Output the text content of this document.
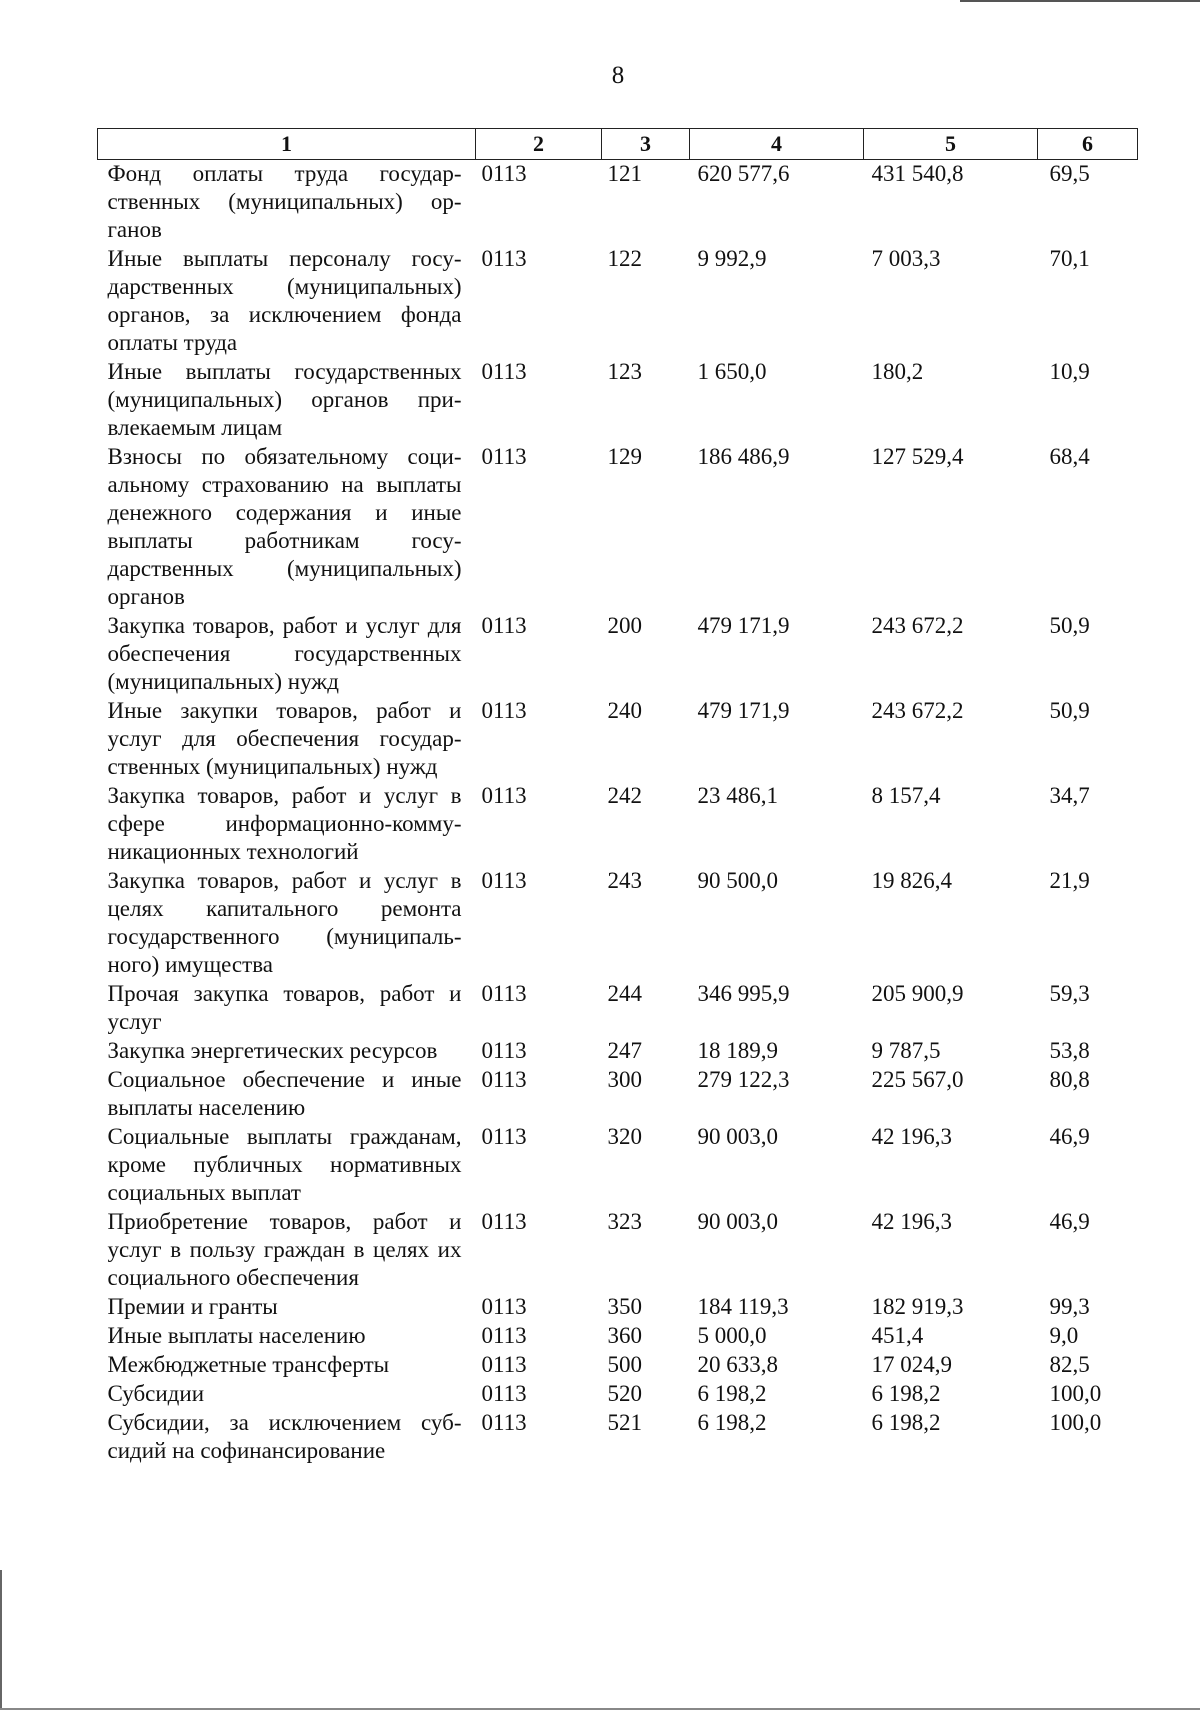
8
1	2	3	4	5	6
Фонд оплаты труда государственных (муниципальных) органов	0113	121	620 577,6	431 540,8	69,5
Иные выплаты персоналу государственных (муниципальных) органов, за исключением фонда оплаты труда	0113	122	9 992,9	7 003,3	70,1
Иные выплаты государственных (муниципальных) органов привлекаемым лицам	0113	123	1 650,0	180,2	10,9
Взносы по обязательному социальному страхованию на выплаты денежного содержания и иные выплаты работникам государственных (муниципальных) органов	0113	129	186 486,9	127 529,4	68,4
Закупка товаров, работ и услуг для обеспечения государственных (муниципальных) нужд	0113	200	479 171,9	243 672,2	50,9
Иные закупки товаров, работ и услуг для обеспечения государственных (муниципальных) нужд	0113	240	479 171,9	243 672,2	50,9
Закупка товаров, работ и услуг в сфере информационно-коммуникационных технологий	0113	242	23 486,1	8 157,4	34,7
Закупка товаров, работ и услуг в целях капитального ремонта государственного (муниципального) имущества	0113	243	90 500,0	19 826,4	21,9
Прочая закупка товаров, работ и услуг	0113	244	346 995,9	205 900,9	59,3
Закупка энергетических ресурсов	0113	247	18 189,9	9 787,5	53,8
Социальное обеспечение и иные выплаты населению	0113	300	279 122,3	225 567,0	80,8
Социальные выплаты гражданам, кроме публичных нормативных социальных выплат	0113	320	90 003,0	42 196,3	46,9
Приобретение товаров, работ и услуг в пользу граждан в целях их социального обеспечения	0113	323	90 003,0	42 196,3	46,9
Премии и гранты	0113	350	184 119,3	182 919,3	99,3
Иные выплаты населению	0113	360	5 000,0	451,4	9,0
Межбюджетные трансферты	0113	500	20 633,8	17 024,9	82,5
Субсидии	0113	520	6 198,2	6 198,2	100,0
Субсидии, за исключением субсидий на софинансирование	0113	521	6 198,2	6 198,2	100,0
